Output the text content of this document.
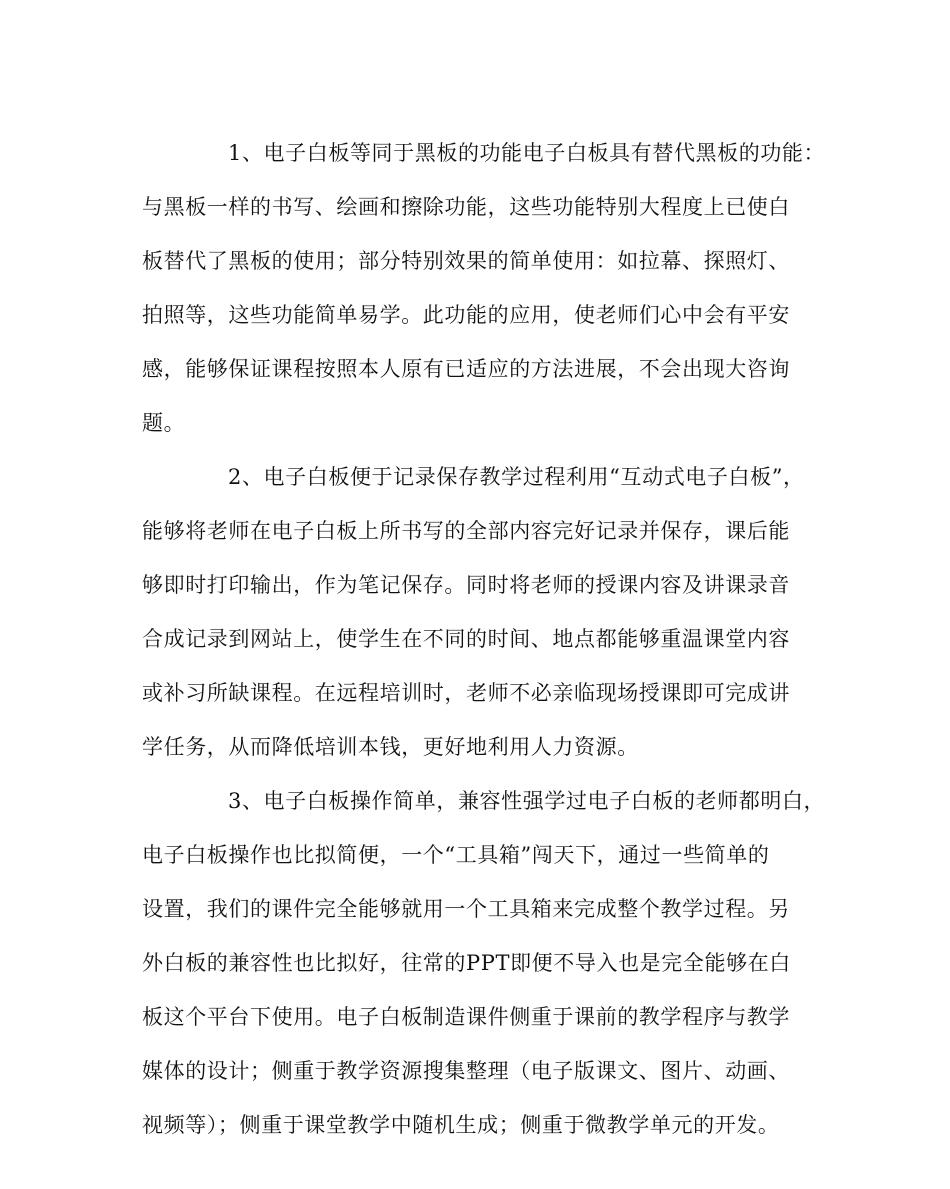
1、电子白板等同于黑板的功能电子白板具有替代黑板的功能：
与黑板一样的书写、绘画和擦除功能，这些功能特别大程度上已使白
板替代了黑板的使用；部分特别效果的简单使用：如拉幕、探照灯、
拍照等，这些功能简单易学。此功能的应用，使老师们心中会有平安
感，能够保证课程按照本人原有已适应的方法进展，不会出现大咨询
题。
2、电子白板便于记录保存教学过程利用“互动式电子白板”，
能够将老师在电子白板上所书写的全部内容完好记录并保存，课后能
够即时打印输出，作为笔记保存。同时将老师的授课内容及讲课录音
合成记录到网站上，使学生在不同的时间、地点都能够重温课堂内容
或补习所缺课程。在远程培训时，老师不必亲临现场授课即可完成讲
学任务，从而降低培训本钱，更好地利用人力资源。
3、电子白板操作简单，兼容性强学过电子白板的老师都明白，
电子白板操作也比拟简便，一个“工具箱”闯天下，通过一些简单的
设置，我们的课件完全能够就用一个工具箱来完成整个教学过程。另
外白板的兼容性也比拟好，往常的PPT即便不导入也是完全能够在白
板这个平台下使用。电子白板制造课件侧重于课前的教学程序与教学
媒体的设计；侧重于教学资源搜集整理（电子版课文、图片、动画、
视频等）；侧重于课堂教学中随机生成；侧重于微教学单元的开发。
